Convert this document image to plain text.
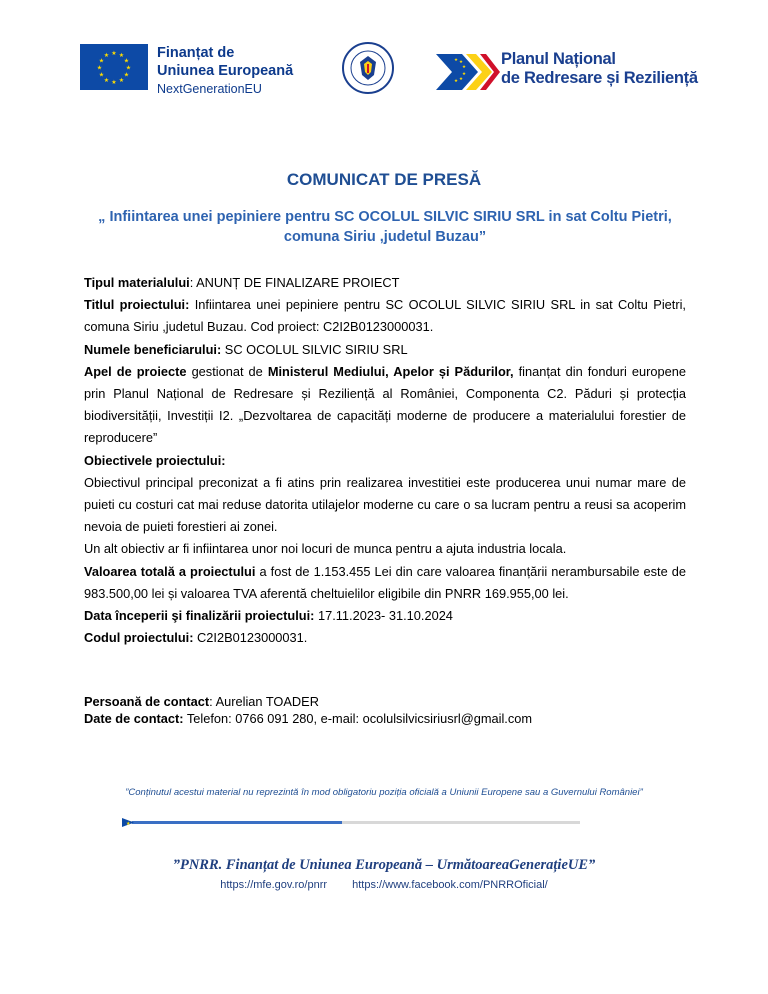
★ ★
★
★
★
★
★
★
★
★
★
★	Finanțat de
Uniunea Europeană
NextGenerationEU
★ ★
★
★
★
★
Planul Național
de Redresare și Reziliență
COMUNICAT DE PRESĂ
„ Infiintarea unei pepiniere pentru SC OCOLUL SILVIC SIRIU SRL in sat Coltu Pietri, comuna Siriu ,judetul Buzau”

Tipul materialului: ANUNȚ DE FINALIZARE PROIECT

Titlul proiectului: Infiintarea unei pepiniere pentru SC OCOLUL SILVIC SIRIU SRL in sat Coltu Pietri, comuna Siriu ,judetul Buzau. Cod proiect: C2I2B0123000031.

Numele beneficiarului: SC OCOLUL SILVIC SIRIU SRL

Apel de proiecte gestionat de Ministerul Mediului, Apelor și Pădurilor, finanțat din fonduri europene prin Planul Național de Redresare și Reziliență al României, Componenta C2. Păduri și protecția biodiversității, Investiții I2. „Dezvoltarea de capacități moderne de producere a materialului forestier de reproducere”

Obiectivele proiectului:

Obiectivul principal preconizat a fi atins prin realizarea investitiei este producerea unui numar mare de puieti cu costuri cat mai reduse datorita utilajelor moderne cu care o sa lucram pentru a reusi sa acoperim nevoia de puieti forestieri ai zonei.

Un alt obiectiv ar fi infiintarea unor noi locuri de munca pentru a ajuta industria locala.

Valoarea totală a proiectului a fost de 1.153.455 Lei din care valoarea finanțării nerambursabile este de 983.500,00 lei și valoarea TVA aferentă cheltuielilor eligibile din PNRR 169.955,00 lei.

Data începerii şi finalizării proiectului: 17.11.2023- 31.10.2024

Codul proiectului: C2I2B0123000031.

Persoană de contact: Aurelian TOADER

Date de contact: Telefon: 0766 091 280, e-mail: ocolulsilvicsiriusrl@gmail.com

”Conținutul acestui material nu reprezintă în mod obligatoriu poziția oficială a Uniunii Europene sau a Guvernului României”
★
”PNRR. Finanțat de Uniunea Europeană – UrmătoareaGenerațieUE”
https://mfe.gov.ro/pnrr https://www.facebook.com/PNRROficial/
